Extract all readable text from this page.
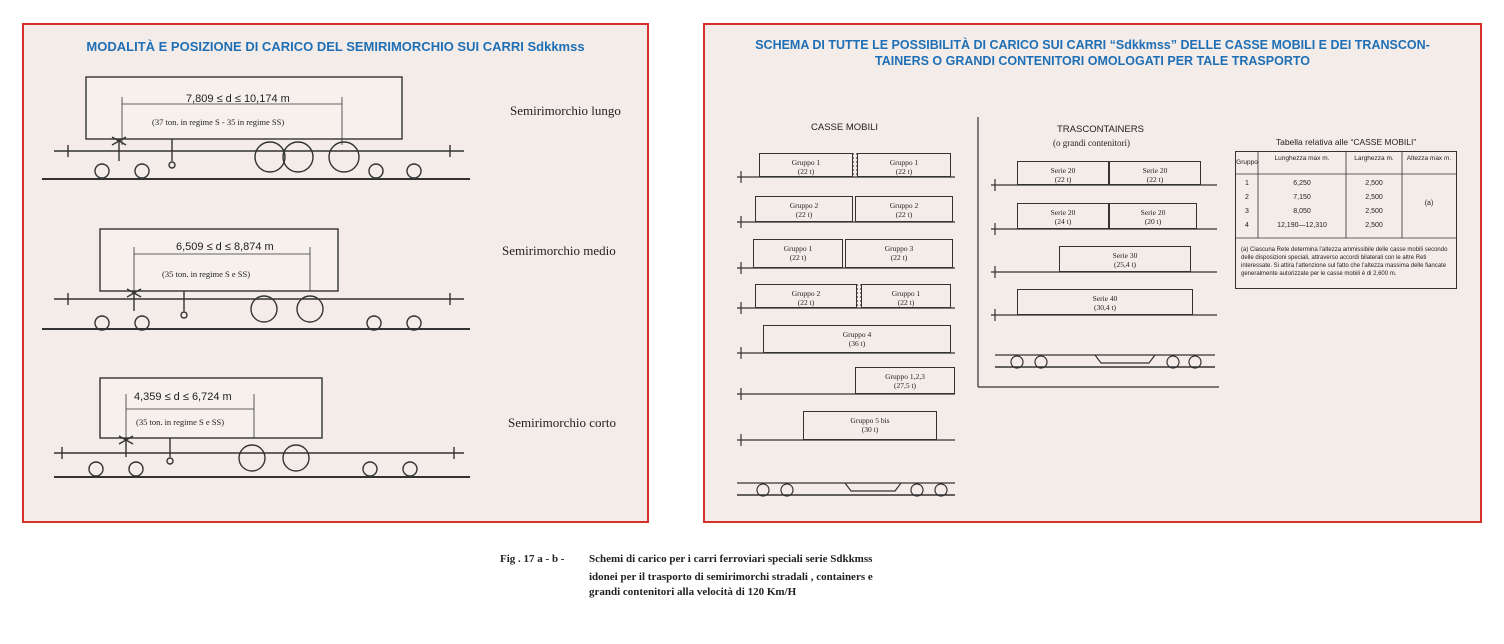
MODALITÀ E POSIZIONE DI CARICO DEL SEMIRIMORCHIO SUI CARRI Sdkkmss
7,809 ≤ d ≤ 10,174 m
(37 ton. in regime S - 35 in regime SS)
Semirimorchio lungo
6,509 ≤ d ≤ 8,874 m
(35 ton. in regime S e SS)
Semirimorchio medio
4,359 ≤ d ≤ 6,724 m
(35 ton. in regime S e SS)	Semirimorchio corto
SCHEMA DI TUTTE LE POSSIBILITÀ DI CARICO SUI CARRI “Sdkkmss” DELLE CASSE MOBILI E DEI TRANSCON-
TAINERS O GRANDI CONTENITORI OMOLOGATI PER TALE TRASPORTO
CASSE MOBILI	TRASCONTAINERS
(o grandi contenitori)
Gruppo 1
(22 t)
Gruppo 1
(22 t)
Gruppo 2
(22 t)
Gruppo 2
(22 t)
Gruppo 1
(22 t)
Gruppo 3
(22 t)
Gruppo 2
(22 t)
Gruppo 1
(22 t)
Gruppo 4
(36 t)
Gruppo 1,2,3
(27,5 t)
Gruppo 5 bis
(30 t)
Serie 20
(22 t)
Serie 20
(22 t)
Serie 20
(24 t)
Serie 20
(20 t)
Serie 30
(25,4 t)
Serie 40
(30,4 t)
Tabella relativa alle “CASSE MOBILI”
Gruppo
Lunghezza max m.	Larghezza m.	Altezza max m.
1	6,250	2,500
2	7,150	2,500
3	8,050	2,500
4	12,190—12,310	2,500
(a)
(a) Ciascuna Rete determina l’altezza ammissibile delle casse mobili secondo delle disposizioni speciali, attraverso accordi bilaterali con le altre Reti interessate. Si attira l’attenzione sul fatto che l’altezza massima delle fiancate generalmente autorizzate per le casse mobili è di 2,600 m.
Fig . 17 a - b - Schemi di carico per i carri ferroviari speciali serie Sdkkmss
idonei per il trasporto di semirimorchi stradali , containers e
grandi contenitori alla velocità di 120 Km/H
